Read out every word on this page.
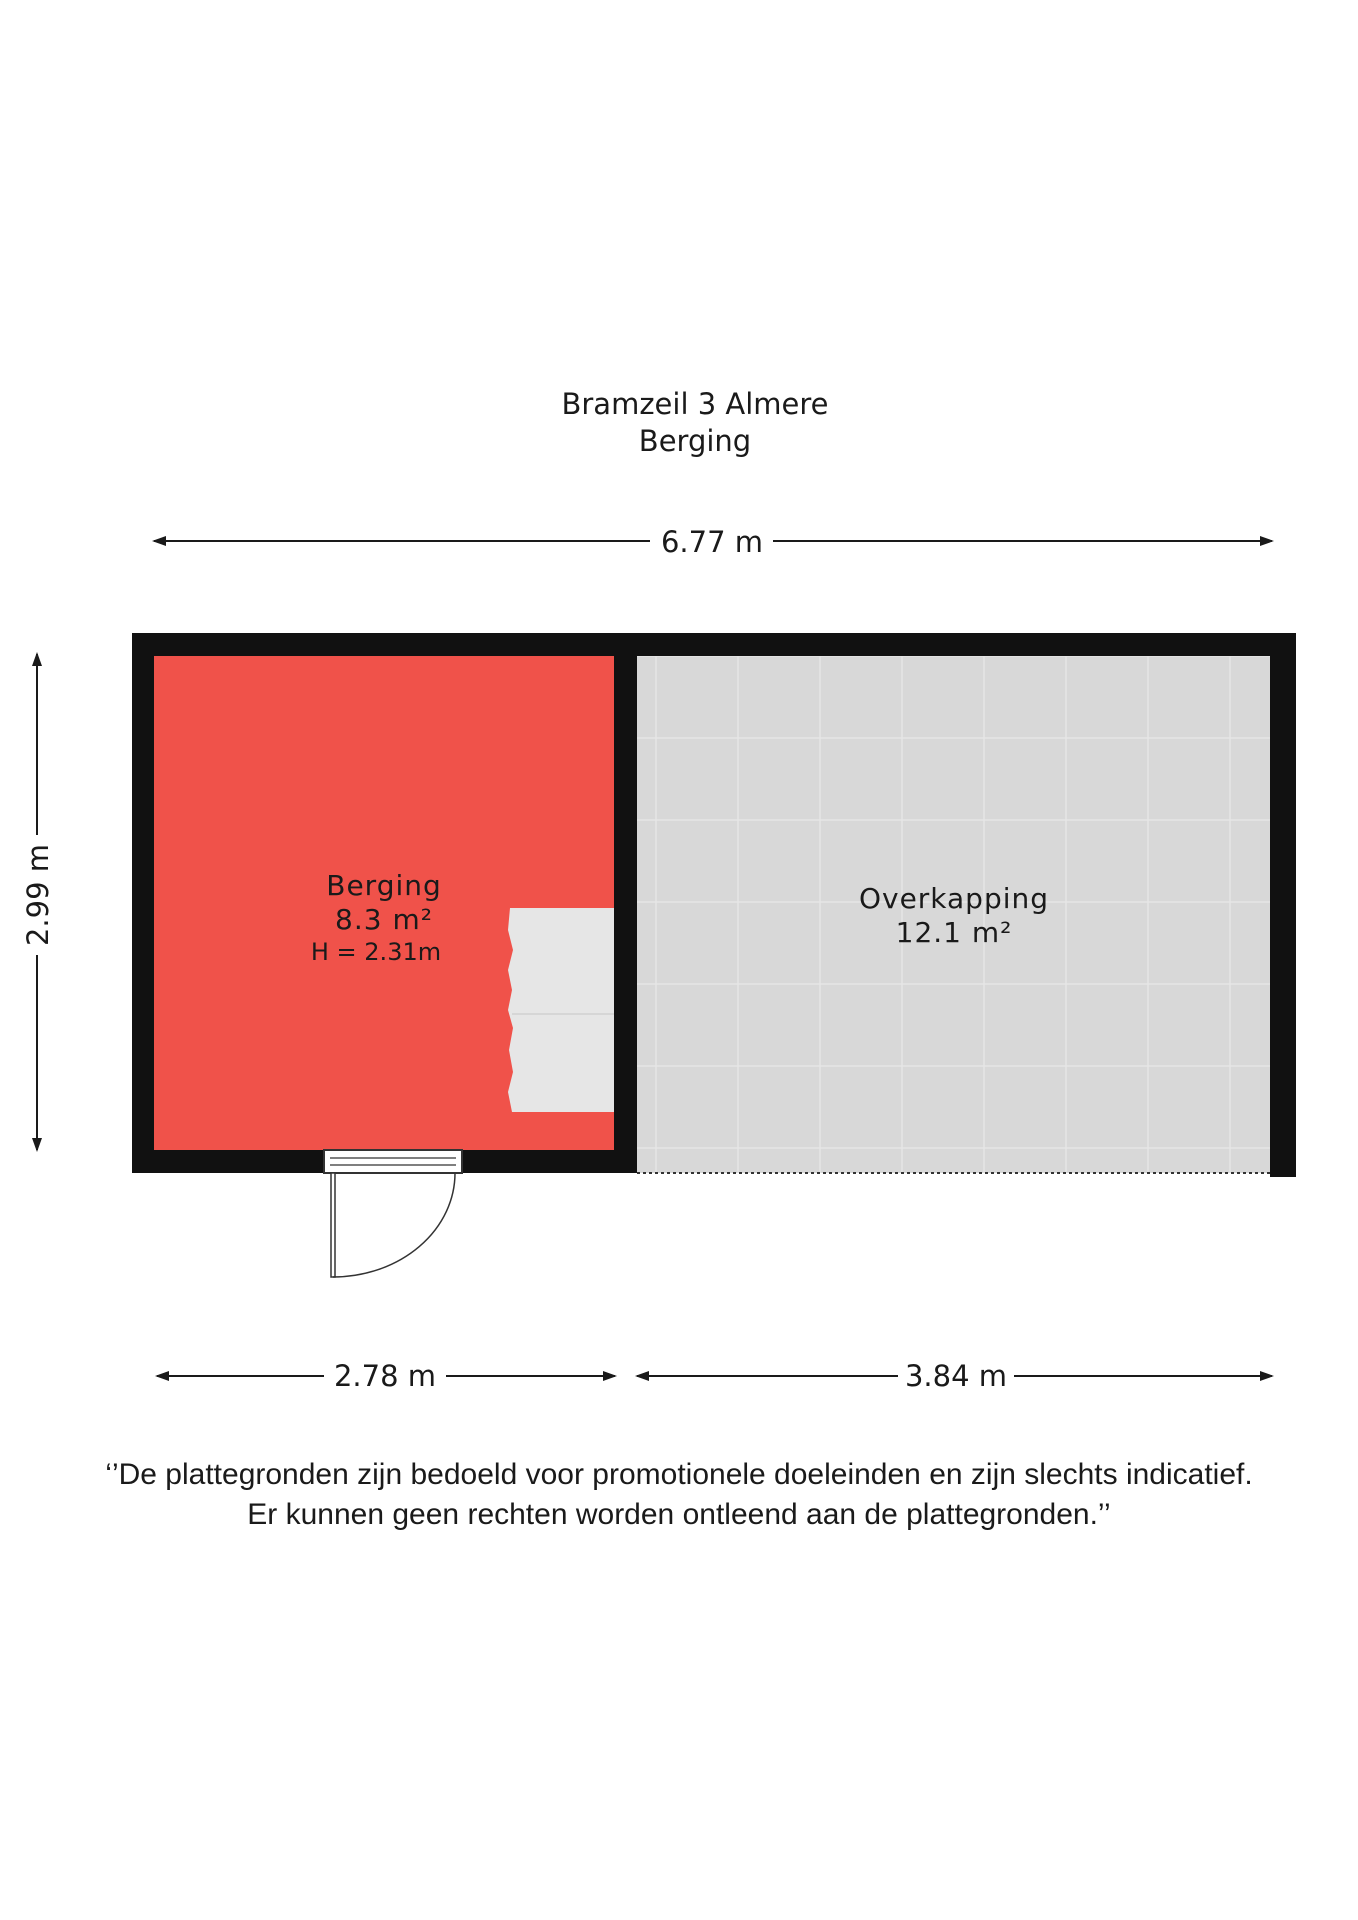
Bramzeil 3 Almere
Berging
6.77 m
2.99 m	Berging
8.3 m²
H = 2.31m
Overkapping
12.1 m²
2.78 m	3.84 m
‘’De plattegronden zijn bedoeld voor promotionele doeleinden en zijn slechts indicatief.
Er kunnen geen rechten worden ontleend aan de plattegronden.’’
